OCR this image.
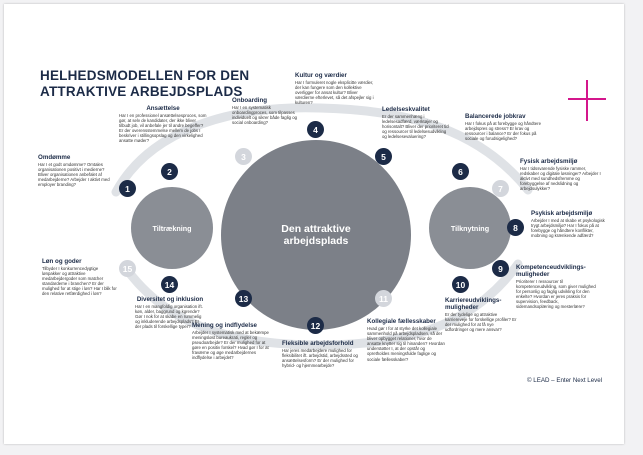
HELHEDSMODELLEN FOR DEN
ATTRAKTIVE ARBEJDSPLADS
Den attraktive arbejdsplads
Tiltrækning	Tilknytning
1
2
3
4
5
6
7
8
9
10
11
12
13
14
15
Omdømme
Har I et godt omdømme? Omtales organisationen positivt i medierne? Bliver organisationen anbefalet af medarbejderne? Arbejder I aktivt med employer branding?
Ansættelse
Har I en professionel ansættelsesproces, som gør, at selv de kandidater, der ikke bliver tilbudt job, vil anbefale jer til andre begeffer? Er der overensstemmelse mellem de jobs I beskriver i stillingsopslag og den virkelighed ansatte møder?
Onboarding
Har I en systematisk onboardingproces, som tilpasses individuelt og sikrer både faglig og social onboarding?
Kultur og værdier
Har I formuleret nogle eksplicitte værdier, der kan fungere som den kollektive overligger for ansat kultur? Bliver værdierne efterlevet, så det afspejler sig i kulturen?
Ledelseskvalitet
Er der sammenhæng i ledelsesadfærd, værktøjer og horisontalt? Bliver der prioriteret tid og ressourcer til ledelsesudvikling og ledelsesevaluering?
Balancerede jobkrav
Har I fokus på at forebygge og håndtere arbejdspres og stress? Er krav og ressourcer i balance? Er der fokus på sociale og forudsigelighed?
Fysisk arbejdsmiljø
Har I tidssvarende fysiske rammer, redskaber og digitale løsninger? Arbejder I aktivt med sundhedsfremme og forebyggelse af nedslidning og arbejdsulykker?
Psykisk arbejdsmiljø
Arbejder I med at skabe et psykologisk trygt arbejdsmiljø? Har I fokus på at forebygge og håndtere konflikter, mobning og krænkende adfærd?
Kompetenceudviklings-muligheder
Prioriterer I ressourcer til kompetenceudvikling, som giver mulighed for personlig og faglig udvikling for den enkelte? Hvordan er jeres praksis for supervision, feedback, sidemandsoplæring og mesterlære?
Karriereudviklings-muligheder
Er der tydelige og attraktive karriereveje for forskellige profiler? Er der mulighed for at få nye udfordringer og mere ansvar?
Kollegiale fællesskaber
Hvad gør I for at styrke det kollegiale sammenhold på arbejdspladsen, så der bliver opbygget relationer, hvor de ansatte knytter sig til hinanden? Hvordan understøtter I, at der opstår og opretholdes meningsfulde faglige og sociale fællesskaber?
Fleksible arbejdsforhold
Har jeres medarbejdere mulighed for fleksibilitet ift. arbejdstid, arbejdssted og ansættelsesform? Er der mulighed for hybrid- og hjemmearbejde?
Mening og indflydelse
Arbejder I systematisk med at bekæmpe meningsløst bureaukrati, regler og pseudoarbejde? Er der mulighed for at gøre en positiv forskel? Hvad gør I for at fraværne og øge medarbejdernes indflydelse i arbejdet?
Diversitet og inklusion
Har I en mangfoldig organisation ift. køn, alder, baggrund og kgrende? Gør I nok for at skabe en rummelig og inkluderende arbejdsplads? Er der plads til forskellige typer?
Løn og goder
Tilbyder I konkurrencedygtige lønpakker og attraktive medarbejdergoder som matcher standarderne i branchen? Er der mulighed for at stige i løn? Har I blik for den relative retfærdighed i løn?
© LEAD – Enter Next Level
